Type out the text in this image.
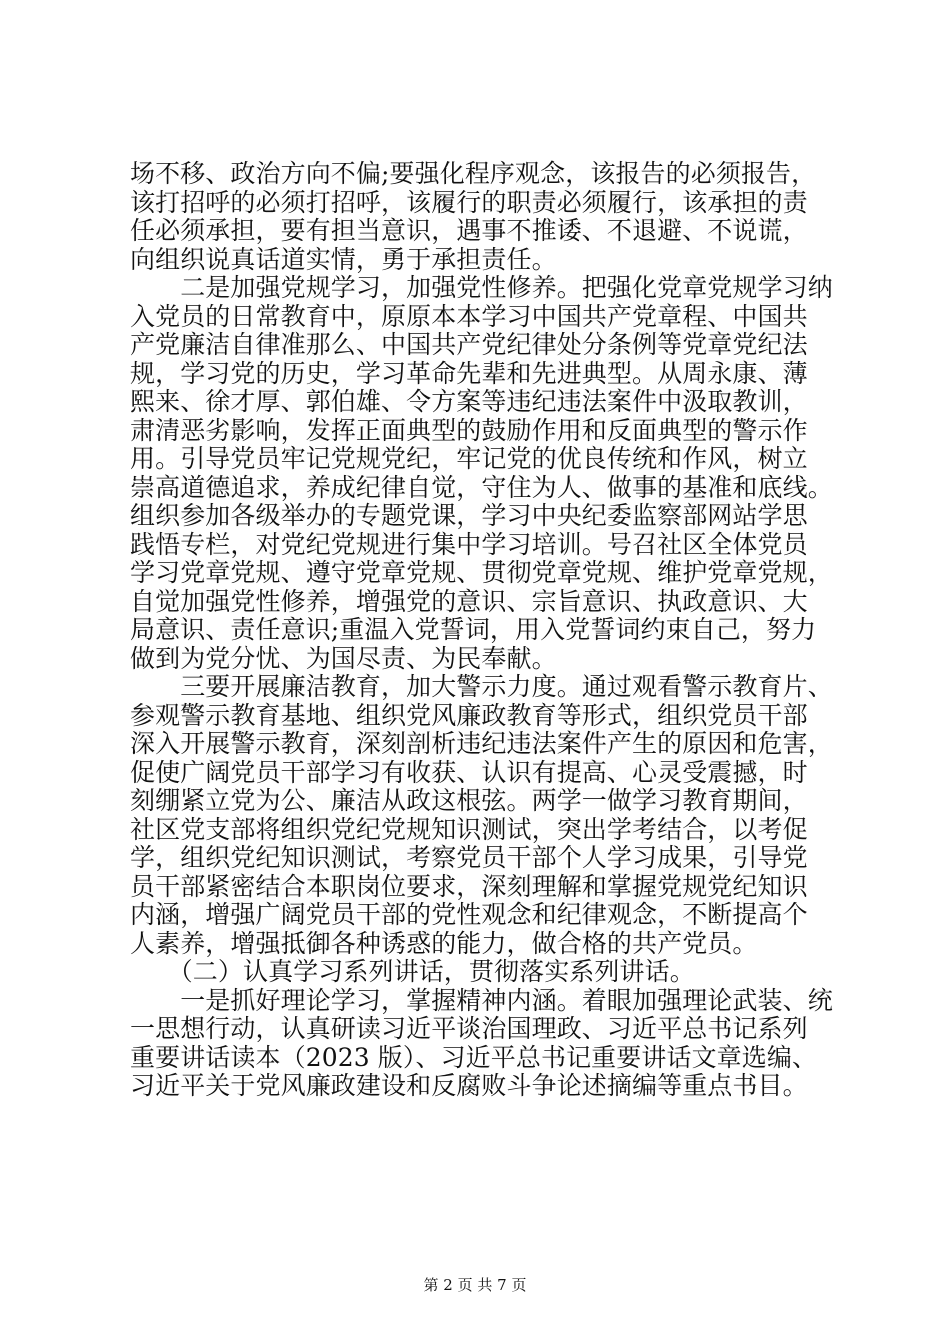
场不移、政治方向不偏;要强化程序观念，该报告的必须报告，
该打招呼的必须打招呼，该履行的职责必须履行，该承担的责
任必须承担，要有担当意识，遇事不推诿、不退避、不说谎，
向组织说真话道实情，勇于承担责任。
　　二是加强党规学习，加强党性修养。把强化党章党规学习纳
入党员的日常教育中，原原本本学习中国共产党章程、中国共
产党廉洁自律准那么、中国共产党纪律处分条例等党章党纪法
规，学习党的历史，学习革命先辈和先进典型。从周永康、薄
熙来、徐才厚、郭伯雄、令方案等违纪违法案件中汲取教训，
肃清恶劣影响，发挥正面典型的鼓励作用和反面典型的警示作
用。引导党员牢记党规党纪，牢记党的优良传统和作风，树立
崇高道德追求，养成纪律自觉，守住为人、做事的基准和底线。
组织参加各级举办的专题党课，学习中央纪委监察部网站学思
践悟专栏，对党纪党规进行集中学习培训。号召社区全体党员
学习党章党规、遵守党章党规、贯彻党章党规、维护党章党规，
自觉加强党性修养，增强党的意识、宗旨意识、执政意识、大
局意识、责任意识;重温入党誓词，用入党誓词约束自己，努力
做到为党分忧、为国尽责、为民奉献。
　　三要开展廉洁教育，加大警示力度。通过观看警示教育片、
参观警示教育基地、组织党风廉政教育等形式，组织党员干部
深入开展警示教育，深刻剖析违纪违法案件产生的原因和危害，
促使广阔党员干部学习有收获、认识有提高、心灵受震撼，时
刻绷紧立党为公、廉洁从政这根弦。两学一做学习教育期间，
社区党支部将组织党纪党规知识测试，突出学考结合，以考促
学，组织党纪知识测试，考察党员干部个人学习成果，引导党
员干部紧密结合本职岗位要求，深刻理解和掌握党规党纪知识
内涵，增强广阔党员干部的党性观念和纪律观念，不断提高个
人素养，增强抵御各种诱惑的能力，做合格的共产党员。
　　（二）认真学习系列讲话，贯彻落实系列讲话。
　　一是抓好理论学习，掌握精神内涵。着眼加强理论武装、统
一思想行动，认真研读习近平谈治国理政、习近平总书记系列
重要讲话读本（2023 版）、习近平总书记重要讲话文章选编、
习近平关于党风廉政建设和反腐败斗争论述摘编等重点书目。
第 2 页 共 7 页
